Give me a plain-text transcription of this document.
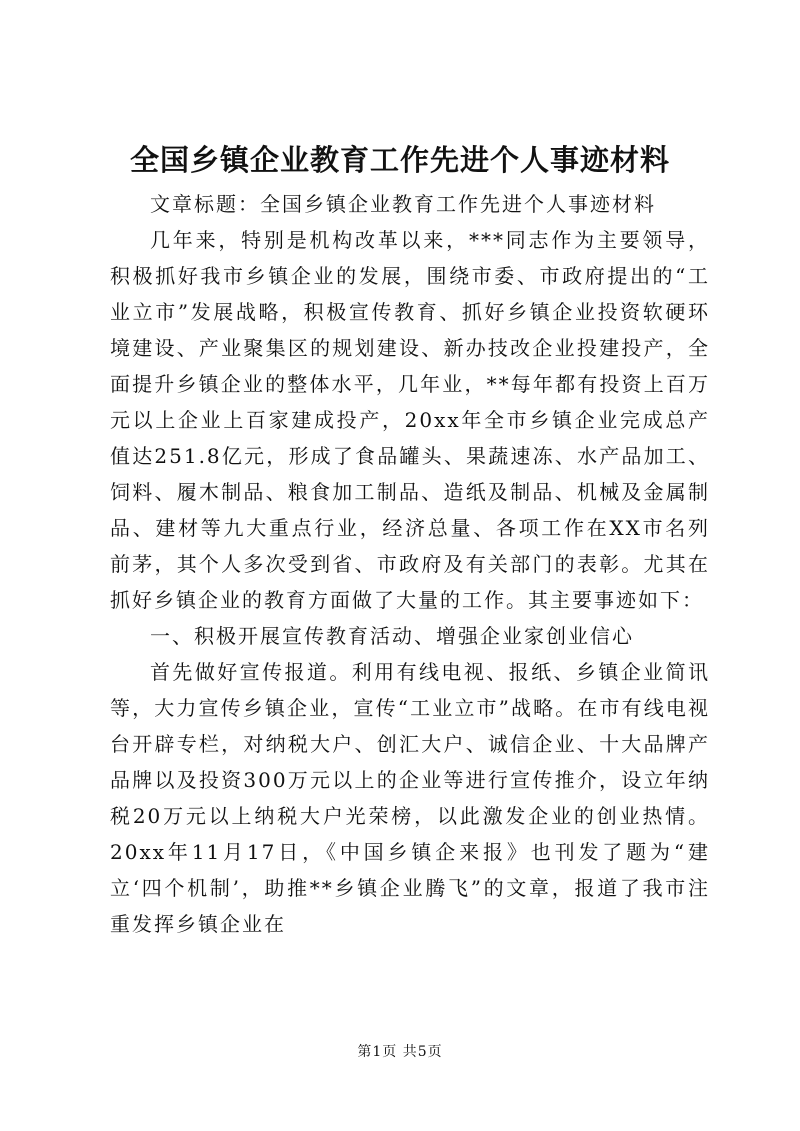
全国乡镇企业教育工作先进个人事迹材料

文章标题：全国乡镇企业教育工作先进个人事迹材料

几年来，特别是机构改革以来，***同志作为主要领导，积极抓好我市乡镇企业的发展，围绕市委、市政府提出的“工业立市”发展战略，积极宣传教育、抓好乡镇企业投资软硬环境建设、产业聚集区的规划建设、新办技改企业投建投产，全面提升乡镇企业的整体水平，几年业，**每年都有投资上百万元以上企业上百家建成投产，20xx年全市乡镇企业完成总产值达251.8亿元，形成了食品罐头、果蔬速冻、水产品加工、饲料、履木制品、粮食加工制品、造纸及制品、机械及金属制品、建材等九大重点行业，经济总量、各项工作在XX市名列前茅，其个人多次受到省、市政府及有关部门的表彰。尤其在抓好乡镇企业的教育方面做了大量的工作。其主要事迹如下：

一、积极开展宣传教育活动、增强企业家创业信心

首先做好宣传报道。利用有线电视、报纸、乡镇企业简讯等，大力宣传乡镇企业，宣传“工业立市”战略。在市有线电视台开辟专栏，对纳税大户、创汇大户、诚信企业、十大品牌产品牌以及投资300万元以上的企业等进行宣传推介，设立年纳税20万元以上纳税大户光荣榜，以此激发企业的创业热情。20xx年11月17日，《中国乡镇企来报》也刊发了题为“建立‘四个机制’，助推**乡镇企业腾飞”的文章，报道了我市注重发挥乡镇企业在

第1页 共5页
